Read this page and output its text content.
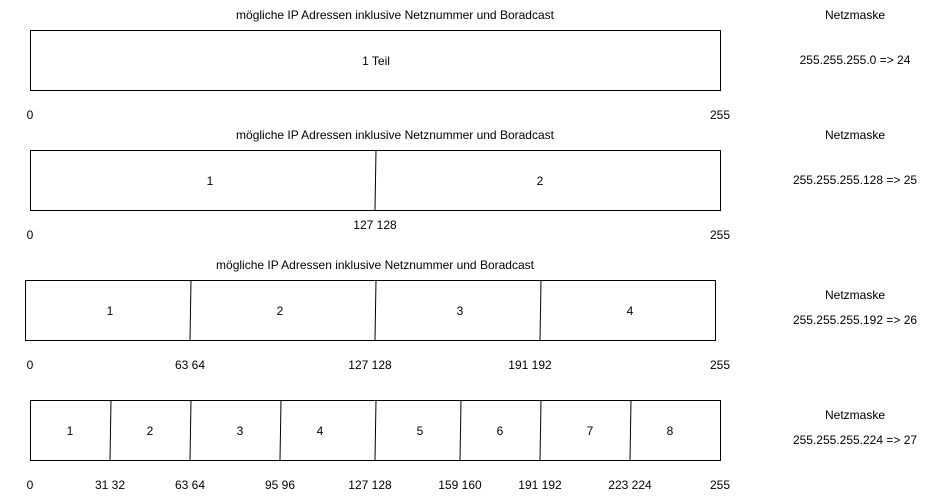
mögliche IP Adressen inklusive Netznummer und Boradcast	Netzmaske
1 Teil	255.255.255.0 => 24
0	255
mögliche IP Adressen inklusive Netznummer und Boradcast	Netzmaske
1	2	255.255.255.128 => 25
127 128
0	255
mögliche IP Adressen inklusive Netznummer und Boradcast
Netzmaske
255.255.255.192 => 26
1	2	3	4
0	63 64	127 128	191 192	255
Netzmaske
255.255.255.224 => 27
1	2	3	4	5	6	7	8
0	31 32	63 64	95 96	127 128	159 160	191 192	223 224	255
